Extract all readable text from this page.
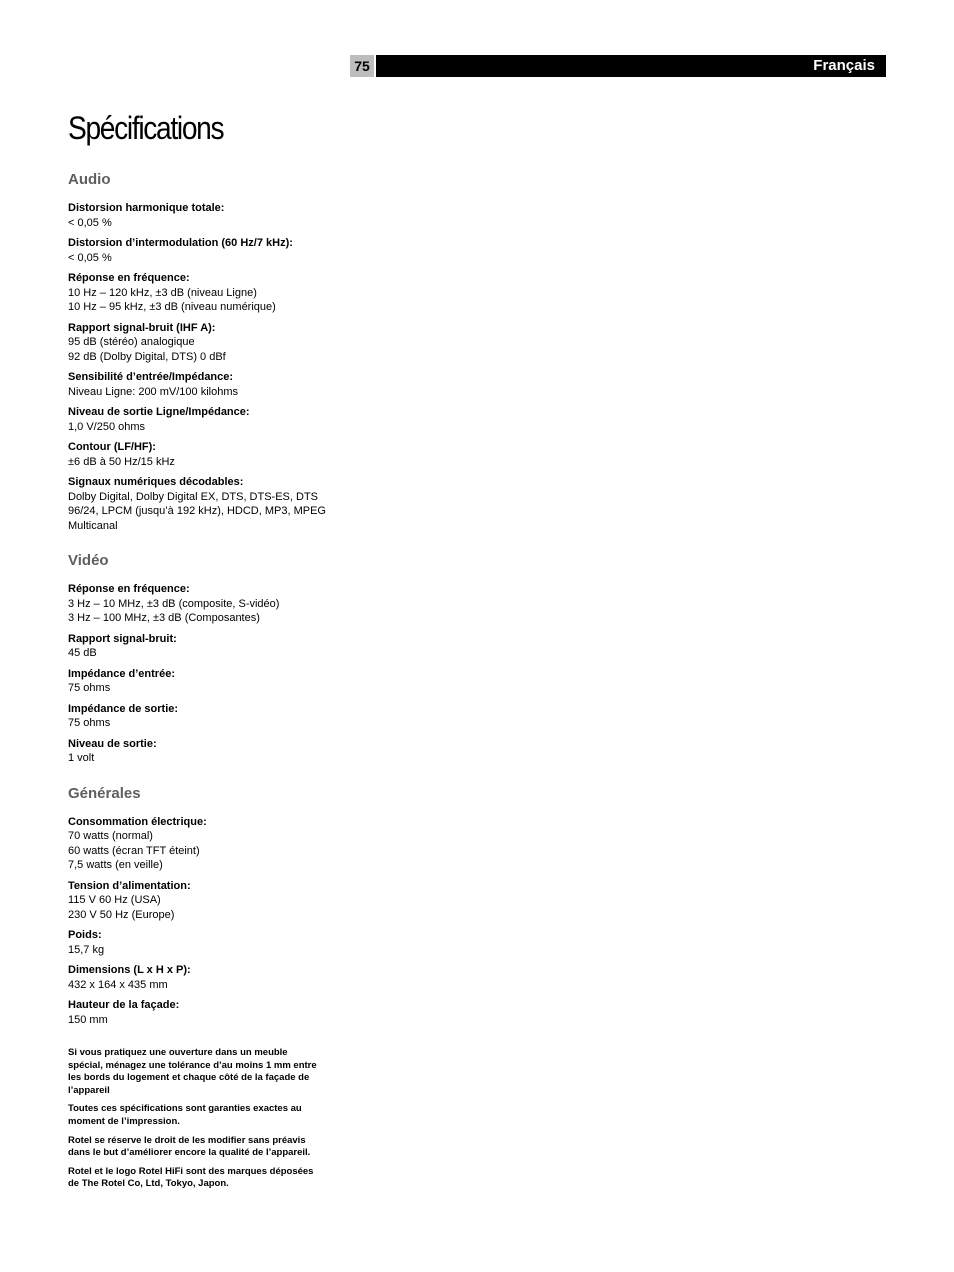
75	Français
Spécifications
Audio
Distorsion harmonique totale:
< 0,05 %
Distorsion d’intermodulation (60 Hz/7 kHz):
< 0,05 %
Réponse en fréquence:
10 Hz – 120 kHz, ±3 dB (niveau Ligne)
10 Hz – 95 kHz, ±3 dB (niveau numérique)
Rapport signal-bruit (IHF A):
95 dB (stéréo) analogique
92 dB (Dolby Digital, DTS) 0 dBf
Sensibilité d’entrée/Impédance:
Niveau Ligne: 200 mV/100 kilohms
Niveau de sortie Ligne/Impédance:
1,0 V/250 ohms
Contour (LF/HF):
±6 dB à 50 Hz/15 kHz
Signaux numériques décodables:
Dolby Digital, Dolby Digital EX, DTS, DTS-ES, DTS 96/24, LPCM (jusqu’à 192 kHz), HDCD, MP3, MPEG Multicanal
Vidéo
Réponse en fréquence:
3 Hz – 10 MHz, ±3 dB (composite, S-vidéo)
3 Hz – 100 MHz, ±3 dB (Composantes)
Rapport signal-bruit:
45 dB
Impédance d’entrée:
75 ohms
Impédance de sortie:
75 ohms
Niveau de sortie:
1 volt
Générales
Consommation électrique:
70 watts (normal)
60 watts (écran TFT éteint)
7,5 watts (en veille)
Tension d’alimentation:
115 V 60 Hz (USA)
230 V 50 Hz (Europe)
Poids:
15,7 kg
Dimensions (L x H x P):
432 x 164 x 435 mm
Hauteur de la façade:
150 mm

Si vous pratiquez une ouverture dans un meuble spécial, ménagez une tolérance d’au moins 1 mm entre les bords du logement et chaque côté de la façade de l’appareil

Toutes ces spécifications sont garanties exactes au moment de l’impression.

Rotel se réserve le droit de les modifier sans préavis dans le but d’améliorer encore la qualité de l’appareil.

Rotel et le logo Rotel HiFi sont des marques déposées de The Rotel Co, Ltd, Tokyo, Japon.
